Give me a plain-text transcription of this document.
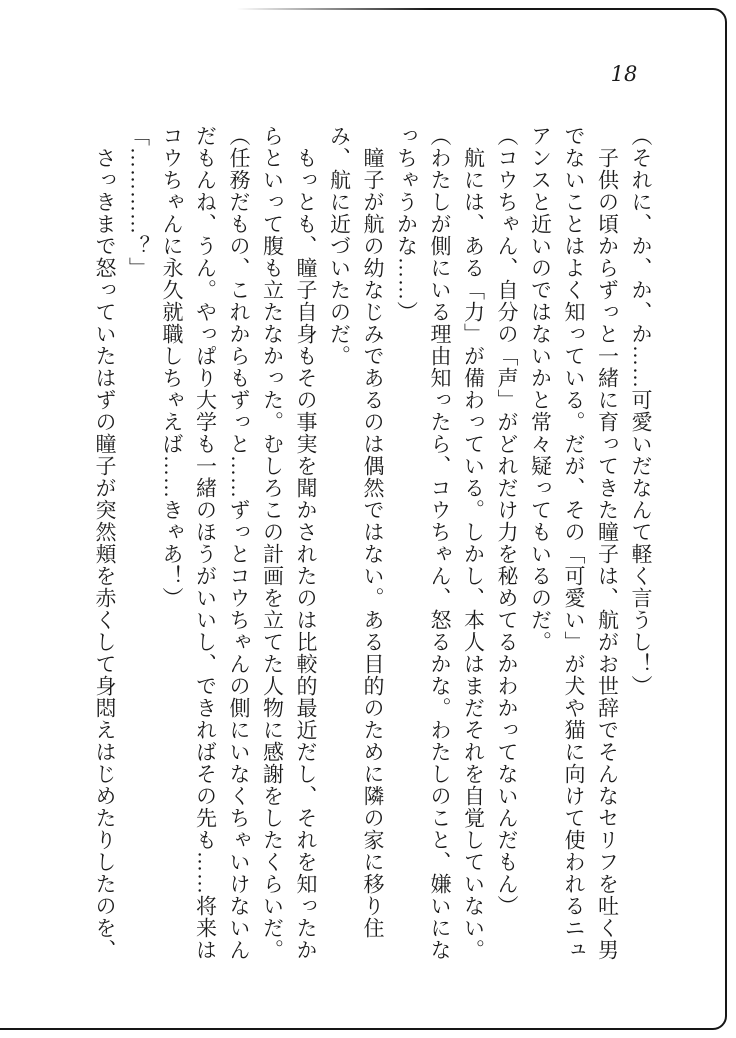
18

（それに、か、か、か……可愛いだなんて軽く言うし！）

子供の頃からずっと一緒に育ってきた瞳子は、航がお世辞でそんなセリフを吐く男でないことはよく知っている。だが、その「可愛い」が犬や猫に向けて使われるニュアンスと近いのではないかと常々疑ってもいるのだ。

（コウちゃん、自分の「声」がどれだけ力を秘めてるかわかってないんだもん）

航には、ある「力」が備わっている。しかし、本人はまだそれを自覚していない。

（わたしが側にいる理由知ったら、コウちゃん、怒るかな。わたしのこと、嫌いになっちゃうかな……）

瞳子が航の幼なじみであるのは偶然ではない。ある目的のために隣の家に移り住み、航に近づいたのだ。

もっとも、瞳子自身もその事実を聞かされたのは比較的最近だし、それを知ったからといって腹も立たなかった。むしろこの計画を立てた人物に感謝をしたくらいだ。

（任務だもの、これからもずっと……ずっとコウちゃんの側にいなくちゃいけないんだもんね、うん。やっぱり大学も一緒のほうがいいし、できればその先も……将来はコウちゃんに永久就職しちゃえば……きゃあ！）

「…………？」

さっきまで怒っていたはずの瞳子が突然頬を赤くして身悶えはじめたりしたのを、
